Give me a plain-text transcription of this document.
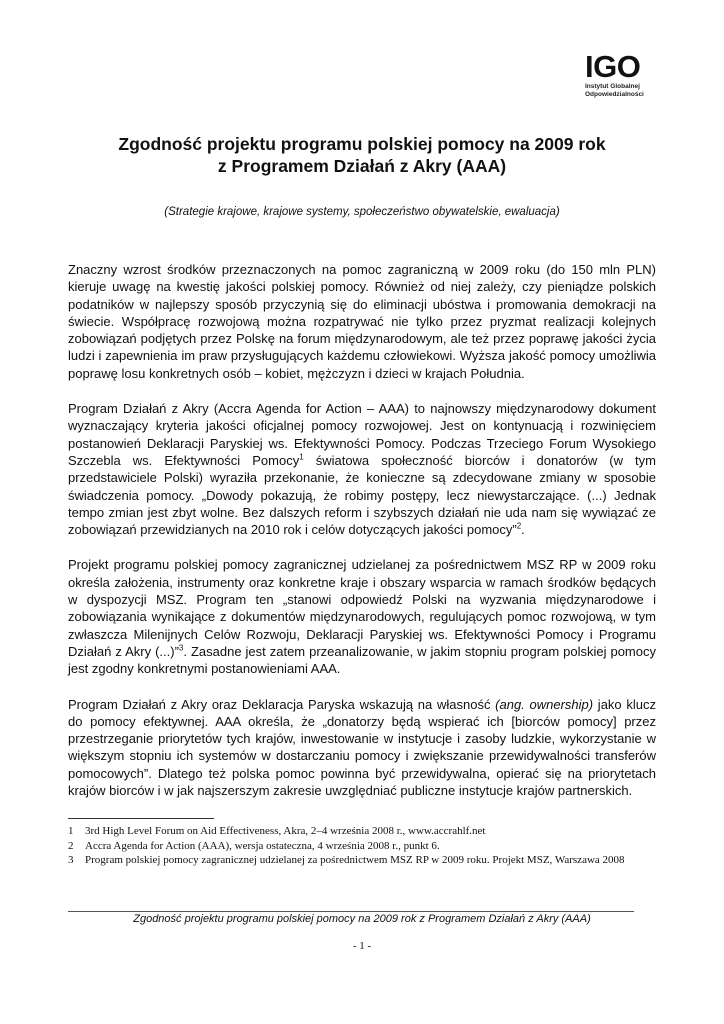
IGO
Instytut Globalnej
Odpowiedzialności
Zgodność projektu programu polskiej pomocy na 2009 rok
z Programem Działań z Akry (AAA)
(Strategie krajowe, krajowe systemy, społeczeństwo obywatelskie, ewaluacja)

Znaczny wzrost środków przeznaczonych na pomoc zagraniczną w 2009 roku (do 150 mln PLN) kieruje uwagę na kwestię jakości polskiej pomocy. Również od niej zależy, czy pieniądze polskich podatników w najlepszy sposób przyczynią się do eliminacji ubóstwa i promowania demokracji na świecie. Współpracę rozwojową można rozpatrywać nie tylko przez pryzmat realizacji kolejnych zobowiązań podjętych przez Polskę na forum międzynarodowym, ale też przez poprawę jakości życia ludzi i zapewnienia im praw przysługujących każdemu człowiekowi. Wyższa jakość pomocy umożliwia poprawę losu konkretnych osób – kobiet, mężczyzn i dzieci w krajach Południa.

Program Działań z Akry (Accra Agenda for Action – AAA) to najnowszy międzynarodowy dokument wyznaczający kryteria jakości oficjalnej pomocy rozwojowej. Jest on kontynuacją i rozwinięciem postanowień Deklaracji Paryskiej ws. Efektywności Pomocy. Podczas Trzeciego Forum Wysokiego Szczebla ws. Efektywności Pomocy$^1$ światowa społeczność biorców i donatorów (w tym przedstawiciele Polski) wyraziła przekonanie, że konieczne są zdecydowane zmiany w sposobie świadczenia pomocy. „Dowody pokazują, że robimy postępy, lecz niewystarczające. (...) Jednak tempo zmian jest zbyt wolne. Bez dalszych reform i szybszych działań nie uda nam się wywiązać ze zobowiązań przewidzianych na 2010 rok i celów dotyczących jakości pomocy”$^2$.

Projekt programu polskiej pomocy zagranicznej udzielanej za pośrednictwem MSZ RP w 2009 roku określa założenia, instrumenty oraz konkretne kraje i obszary wsparcia w ramach środków będących w dyspozycji MSZ. Program ten „stanowi odpowiedź Polski na wyzwania międzynarodowe i zobowiązania wynikające z dokumentów międzynarodowych, regulujących pomoc rozwojową, w tym zwłaszcza Milenijnych Celów Rozwoju, Deklaracji Paryskiej ws. Efektywności Pomocy i Programu Działań z Akry (...)”$^3$. Zasadne jest zatem przeanalizowanie, w jakim stopniu program polskiej pomocy jest zgodny konkretnymi postanowieniami AAA.

Program Działań z Akry oraz Deklaracja Paryska wskazują na własność (ang. ownership) jako klucz do pomocy efektywnej. AAA określa, że „donatorzy będą wspierać ich [biorców pomocy] przez przestrzeganie priorytetów tych krajów, inwestowanie w instytucje i zasoby ludzkie, wykorzystanie w większym stopniu ich systemów w dostarczaniu pomocy i zwiększanie przewidywalności transferów pomocowych”. Dlatego też polska pomoc powinna być przewidywalna, opierać się na priorytetach krajów biorców i w jak najszerszym zakresie uwzględniać publiczne instytucje krajów partnerskich.

1	3rd High Level Forum on Aid Effectiveness, Akra, 2–4 września 2008 r., www.accrahlf.net
2	Accra Agenda for Action (AAA), wersja ostateczna, 4 września 2008 r., punkt 6.
3	Program polskiej pomocy zagranicznej udzielanej za pośrednictwem MSZ RP w 2009 roku. Projekt MSZ, Warszawa 2008
Zgodność projektu programu polskiej pomocy na 2009 rok z Programem Działań z Akry (AAA)
- 1 -
